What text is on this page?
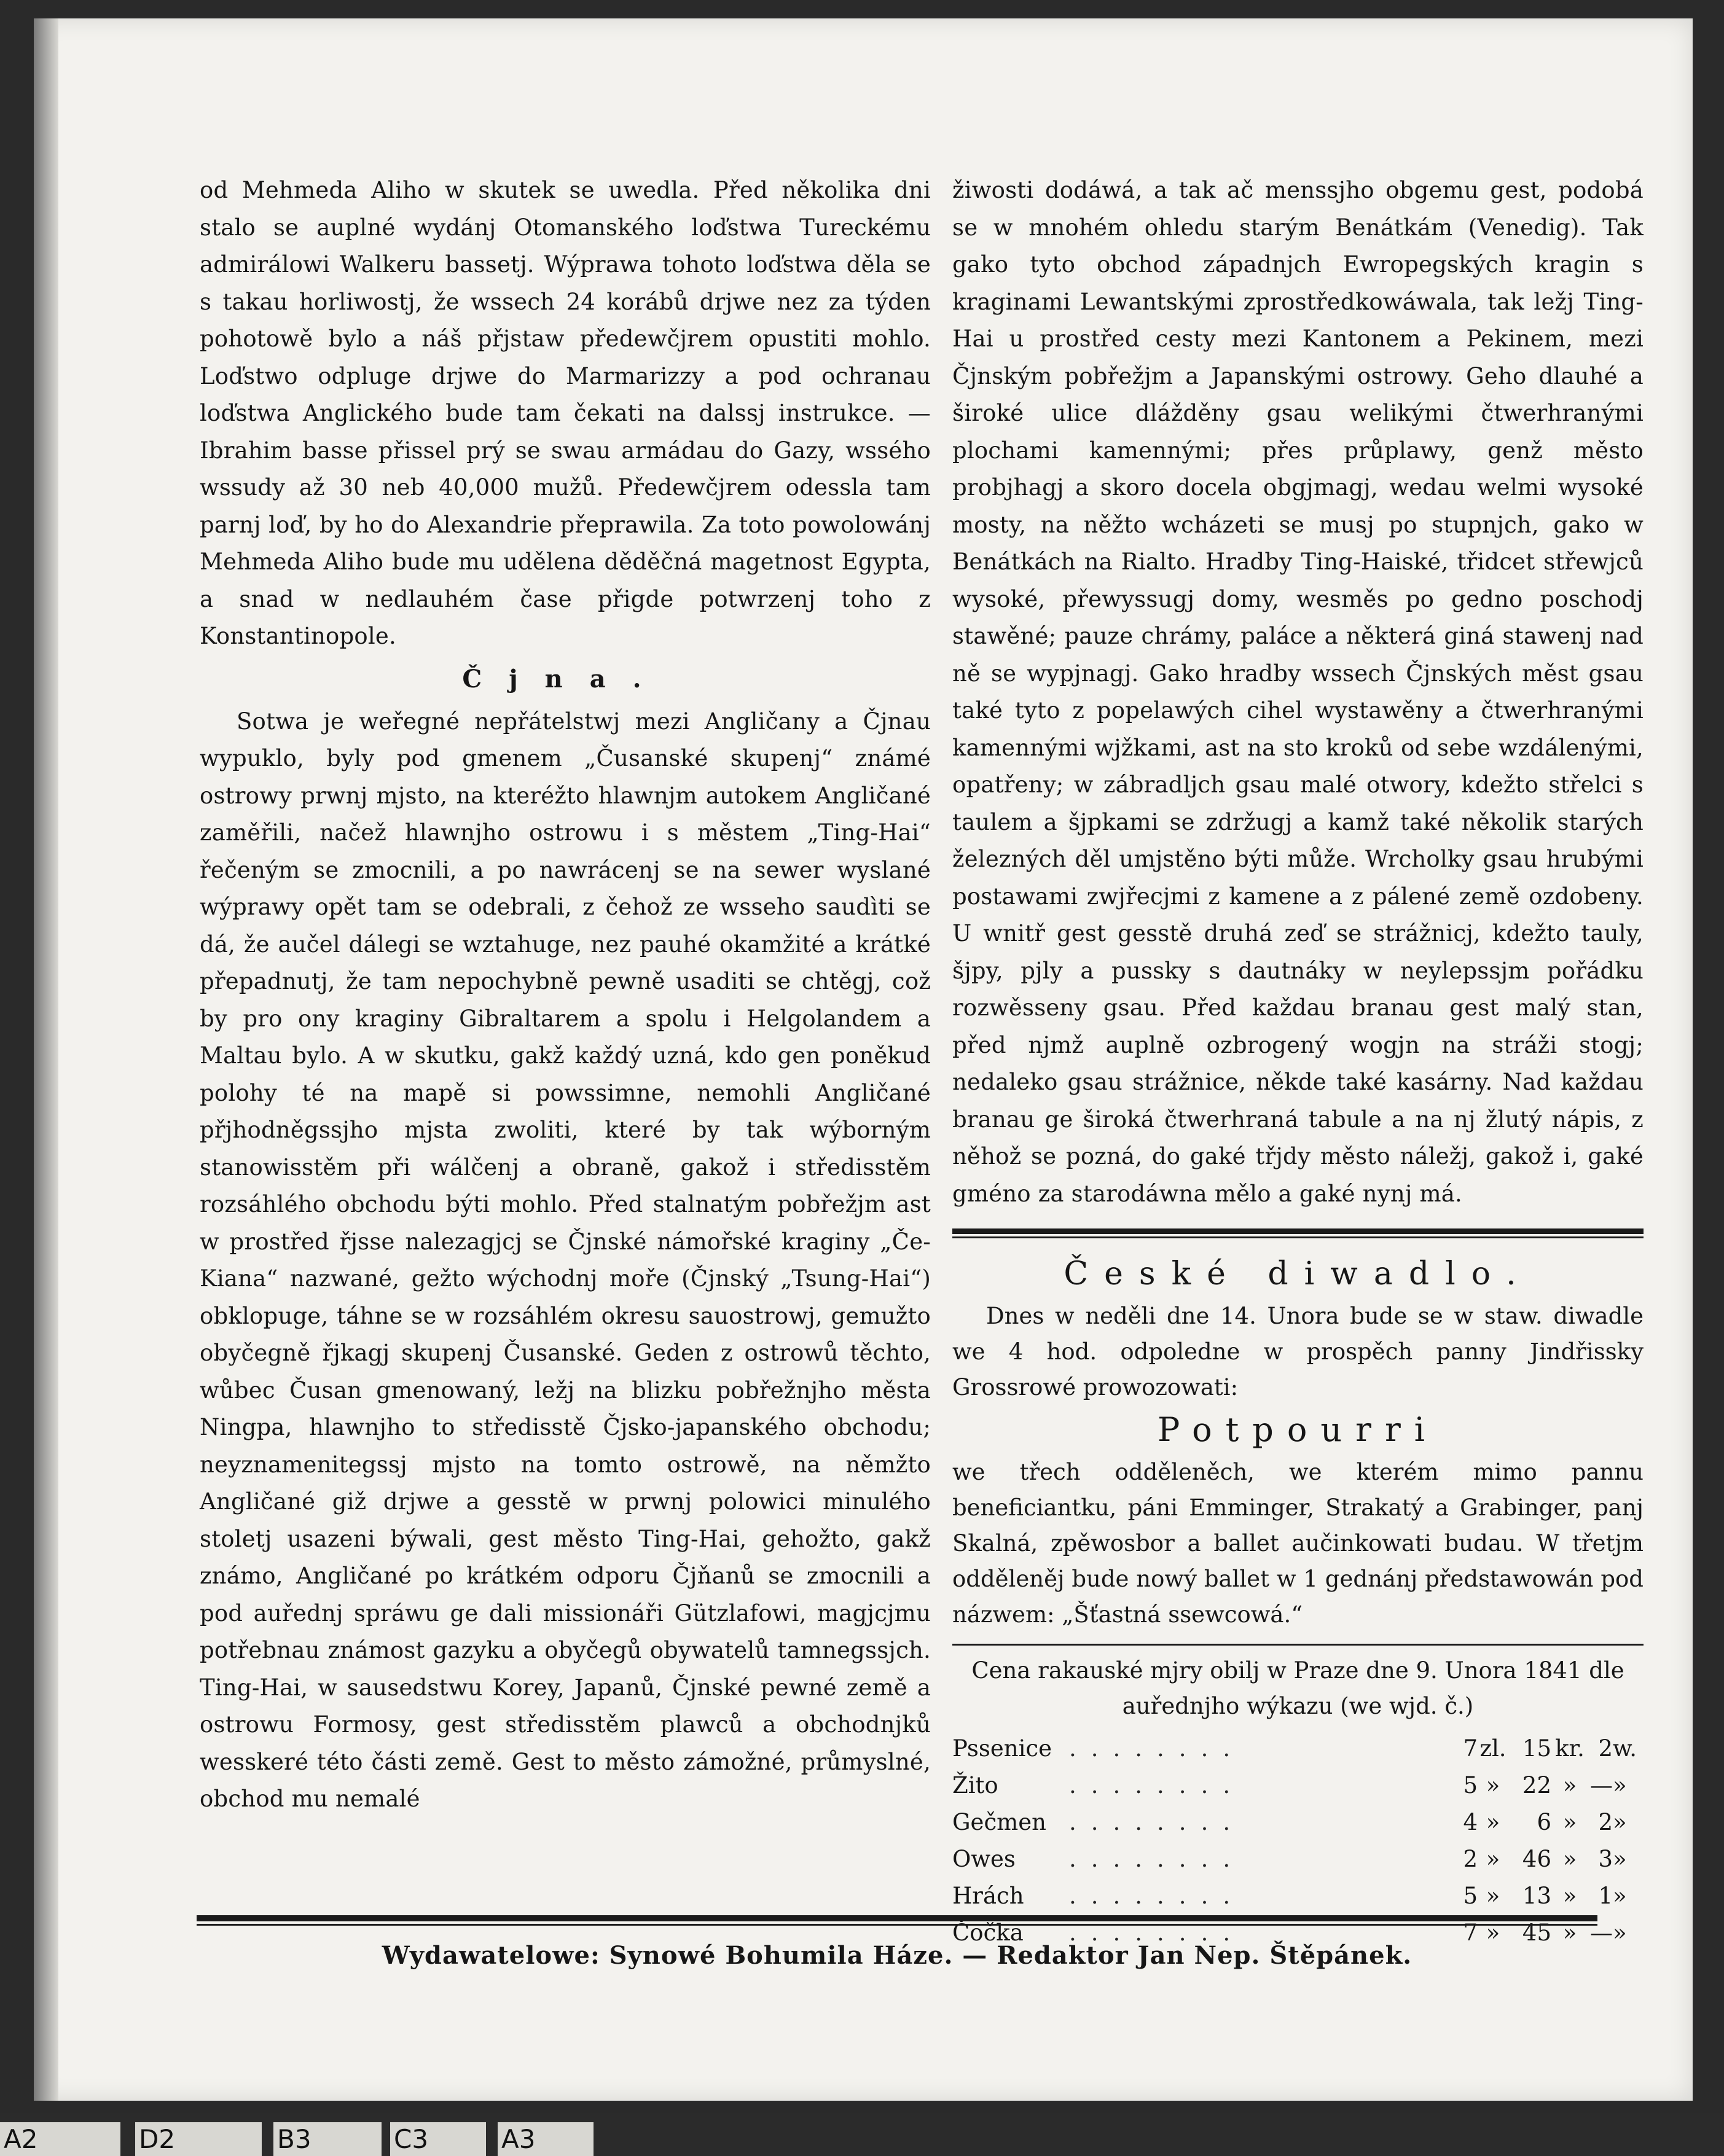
od Mehmeda Aliho w skutek se uwedla. Před několika dni stalo se auplné wydánj Otomanského loďstwa Tureckému admirálowi Walkeru bassetj. Wýprawa tohoto loďstwa děla se s takau horliwostj, že wssech 24 korábů drjwe nez za týden pohotowě bylo a náš přjstaw předewčjrem opustiti mohlo. Loďstwo odpluge drjwe do Marmarizzy a pod ochranau loďstwa Anglického bude tam čekati na dalssj instrukce. — Ibrahim basse přissel prý se swau armádau do Gazy, wssého wssudy až 30 neb 40,000 mužů. Předewčjrem odessla tam parnj loď, by ho do Alexandrie přeprawila. Za toto powolowánj Mehmeda Aliho bude mu udělena děděčná magetnost Egypta, a snad w nedlauhém čase přigde potwrzenj toho z Konstantinopole.

Čjna.

Sotwa je weřegné nepřátelstwj mezi Angličany a Čjnau wypuklo, byly pod gmenem „Čusanské skupenj“ známé ostrowy prwnj mjsto, na kteréžto hlawnjm autokem Angličané zaměřili, načež hlawnjho ostrowu i s městem „Ting-Hai“ řečeným se zmocnili, a po nawrácenj se na sewer wyslané wýprawy opět tam se odebrali, z čehož ze wsseho saudìti se dá, že aučel dálegi se wztahuge, nez pauhé okamžité a krátké přepadnutj, že tam nepochybně pewně usaditi se chtěgj, což by pro ony kraginy Gibraltarem a spolu i Helgolandem a Maltau bylo. A w skutku, gakž každý uzná, kdo gen poněkud polohy té na mapě si powssimne, nemohli Angličané přjhodněgssjho mjsta zwoliti, které by tak wýborným stanowisstěm při wálčenj a obraně, gakož i středisstěm rozsáhlého obchodu býti mohlo. Před stalnatým pobřežjm ast w prostřed řjsse nalezagjcj se Čjnské námořské kraginy „Če-Kiana“ nazwané, gežto wýchodnj moře (Čjnský „Tsung-Hai“) obklopuge, táhne se w rozsáhlém okresu sauostrowj, gemužto obyčegně řjkagj skupenj Čusanské. Geden z ostrowů těchto, wůbec Čusan gmenowaný, ležj na blizku pobřežnjho města Ningpa, hlawnjho to středisstě Čjsko-japanského obchodu; neyznamenitegssj mjsto na tomto ostrowě, na němžto Angličané giž drjwe a gesstě w prwnj polowici minulého stoletj usazeni býwali, gest město Ting-Hai, gehožto, gakž známo, Angličané po krátkém odporu Čjňanů se zmocnili a pod auřednj spráwu ge dali missionáři Gützlafowi, magjcjmu potřebnau známost gazyku a obyčegů obywatelů tamnegssjch. Ting-Hai, w sausedstwu Korey, Japanů, Čjnské pewné země a ostrowu Formosy, gest středisstěm plawců a obchodnjků wesskeré této části země. Gest to město zámožné, průmyslné, obchod mu nemalé

žiwosti dodáwá, a tak ač menssjho obgemu gest, podobá se w mnohém ohledu starým Benátkám (Venedig). Tak gako tyto obchod západnjch Ewropegských kragin s kraginami Lewantskými zprostředkowáwala, tak ležj Ting-Hai u prostřed cesty mezi Kantonem a Pekinem, mezi Čjnským pobřežjm a Japanskými ostrowy. Geho dlauhé a široké ulice dlážděny gsau welikými čtwerhranými plochami kamennými; přes průplawy, genž město probjhagj a skoro docela obgjmagj, wedau welmi wysoké mosty, na něžto wcházeti se musj po stupnjch, gako w Benátkách na Rialto. Hradby Ting-Haiské, třidcet střewjců wysoké, přewyssugj domy, wesměs po gedno poschodj stawěné; pauze chrámy, paláce a některá giná stawenj nad ně se wypjnagj. Gako hradby wssech Čjnských měst gsau také tyto z popelawých cihel wystawěny a čtwerhranými kamennými wjžkami, ast na sto kroků od sebe wzdálenými, opatřeny; w zábradljch gsau malé otwory, kdežto střelci s taulem a šjpkami se zdržugj a kamž také několik starých železných děl umjstěno býti může. Wrcholky gsau hrubými postawami zwjřecjmi z kamene a z pálené země ozdobeny. U wnitř gest gesstě druhá zeď se strážnicj, kdežto tauly, šjpy, pjly a pussky s dautnáky w neylepssjm pořádku rozwěsseny gsau. Před každau branau gest malý stan, před njmž auplně ozbrogený wogjn na stráži stogj; nedaleko gsau strážnice, někde také kasárny. Nad každau branau ge široká čtwerhraná tabule a na nj žlutý nápis, z něhož se pozná, do gaké třjdy město náležj, gakož i, gaké gméno za starodáwna mělo a gaké nynj má.

České diwadlo.

Dnes w neděli dne 14. Unora bude se w staw. diwadle we 4 hod. odpoledne w prospěch panny Jindřissky Grossrowé prowozowati:

Potpourri

we třech odděleněch, we kterém mimo pannu beneficiantku, páni Emminger, Strakatý a Grabinger, panj Skalná, zpěwosbor a ballet aučinkowati budau. W třetjm odděleněj bude nowý ballet w 1 gednánj předstawowán pod názwem: „Šťastná ssewcowá.“

Cena rakauské mjry obilj w Praze dne 9. Unora 1841 dle auřednjho wýkazu (we wjd. č.)

Pssenice	........	7	zl.	15	kr.	2	w.
Žito	........	5	»	22	»	—	»
Gečmen	........	4	»	6	»	2	»
Owes	........	2	»	46	»	3	»
Hrách	........	5	»	13	»	1	»
Čočka	........	7	»	45	»	—	»
Wydawatelowe: Synowé Bohumila Háze. — Redaktor Jan Nep. Štěpánek.
A2	D2	B3	C3	A3
